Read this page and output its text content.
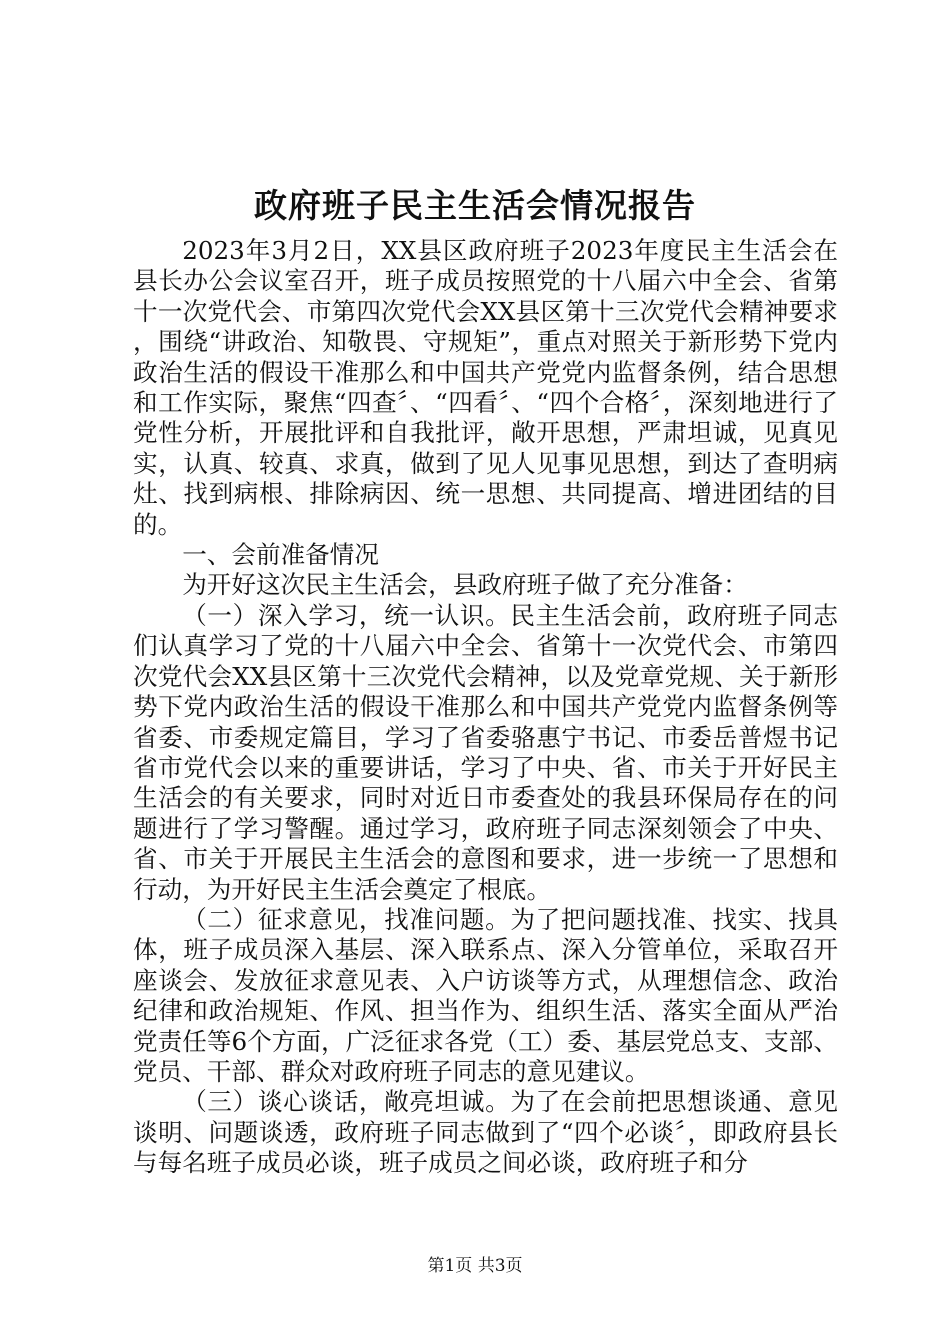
政府班子民主生活会情况报告

2023年3月2日，XX县区政府班子2023年度民主生活会在县长办公会议室召开，班子成员按照党的十八届六中全会、省第十一次党代会、市第四次党代会XX县区第十三次党代会精神要求，围绕“讲政治、知敬畏、守规矩”，重点对照关于新形势下党内政治生活的假设干准那么和中国共产党党内监督条例，结合思想和工作实际，聚焦“四查〞、“四看〞、“四个合格〞，深刻地进行了党性分析，开展批评和自我批评，敞开思想，严肃坦诚，见真见实，认真、较真、求真，做到了见人见事见思想，到达了查明病灶、找到病根、排除病因、统一思想、共同提高、增进团结的目的。

一、会前准备情况

为开好这次民主生活会，县政府班子做了充分准备：

（一）深入学习，统一认识。民主生活会前，政府班子同志们认真学习了党的十八届六中全会、省第十一次党代会、市第四次党代会XX县区第十三次党代会精神，以及党章党规、关于新形势下党内政治生活的假设干准那么和中国共产党党内监督条例等省委、市委规定篇目，学习了省委骆惠宁书记、市委岳普煜书记省市党代会以来的重要讲话，学习了中央、省、市关于开好民主生活会的有关要求，同时对近日市委查处的我县环保局存在的问题进行了学习警醒。通过学习，政府班子同志深刻领会了中央、省、市关于开展民主生活会的意图和要求，进一步统一了思想和行动，为开好民主生活会奠定了根底。

（二）征求意见，找准问题。为了把问题找准、找实、找具体，班子成员深入基层、深入联系点、深入分管单位，采取召开座谈会、发放征求意见表、入户访谈等方式，从理想信念、政治纪律和政治规矩、作风、担当作为、组织生活、落实全面从严治党责任等6个方面，广泛征求各党（工）委、基层党总支、支部、党员、干部、群众对政府班子同志的意见建议。

（三）谈心谈话，敞亮坦诚。为了在会前把思想谈通、意见谈明、问题谈透，政府班子同志做到了“四个必谈〞，即政府县长与每名班子成员必谈，班子成员之间必谈，政府班子和分

第1页 共3页
